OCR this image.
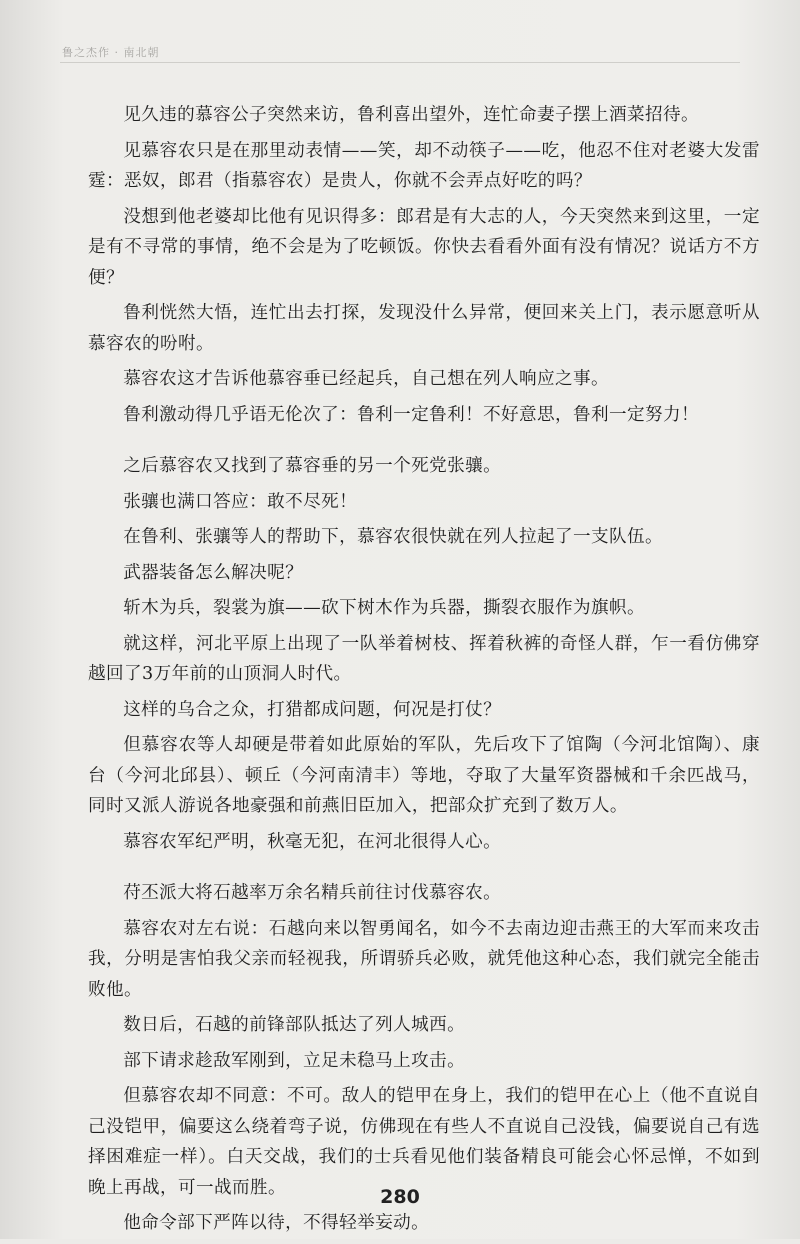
鲁之杰作 · 南北朝

见久违的慕容公子突然来访，鲁利喜出望外，连忙命妻子摆上酒菜招待。

见慕容农只是在那里动表情——笑，却不动筷子——吃，他忍不住对老婆大发雷霆：恶奴，郎君（指慕容农）是贵人，你就不会弄点好吃的吗？

没想到他老婆却比他有见识得多：郎君是有大志的人，今天突然来到这里，一定是有不寻常的事情，绝不会是为了吃顿饭。你快去看看外面有没有情况？说话方不方便？

鲁利恍然大悟，连忙出去打探，发现没什么异常，便回来关上门，表示愿意听从慕容农的吩咐。

慕容农这才告诉他慕容垂已经起兵，自己想在列人响应之事。

鲁利激动得几乎语无伦次了：鲁利一定鲁利！不好意思，鲁利一定努力！

之后慕容农又找到了慕容垂的另一个死党张骧。

张骧也满口答应：敢不尽死！

在鲁利、张骧等人的帮助下，慕容农很快就在列人拉起了一支队伍。

武器装备怎么解决呢？

斩木为兵，裂裳为旗——砍下树木作为兵器，撕裂衣服作为旗帜。

就这样，河北平原上出现了一队举着树枝、挥着秋裤的奇怪人群，乍一看仿佛穿越回了3万年前的山顶洞人时代。

这样的乌合之众，打猎都成问题，何况是打仗？

但慕容农等人却硬是带着如此原始的军队，先后攻下了馆陶（今河北馆陶）、康台（今河北邱县）、顿丘（今河南清丰）等地，夺取了大量军资器械和千余匹战马，同时又派人游说各地豪强和前燕旧臣加入，把部众扩充到了数万人。

慕容农军纪严明，秋毫无犯，在河北很得人心。

苻丕派大将石越率万余名精兵前往讨伐慕容农。

慕容农对左右说：石越向来以智勇闻名，如今不去南边迎击燕王的大军而来攻击我，分明是害怕我父亲而轻视我，所谓骄兵必败，就凭他这种心态，我们就完全能击败他。

数日后，石越的前锋部队抵达了列人城西。

部下请求趁敌军刚到，立足未稳马上攻击。

但慕容农却不同意：不可。敌人的铠甲在身上，我们的铠甲在心上（他不直说自己没铠甲，偏要这么绕着弯子说，仿佛现在有些人不直说自己没钱，偏要说自己有选择困难症一样）。白天交战，我们的士兵看见他们装备精良可能会心怀忌惮，不如到晚上再战，可一战而胜。

他命令部下严阵以待，不得轻举妄动。

280
